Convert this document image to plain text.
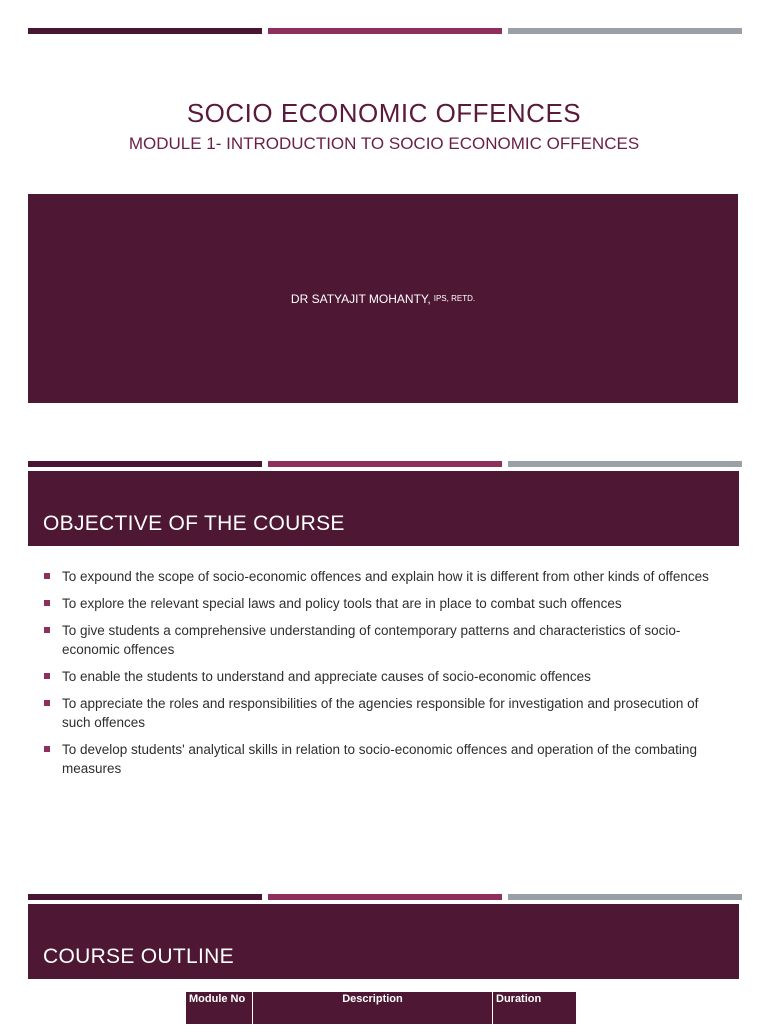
SOCIO ECONOMIC OFFENCES
MODULE 1- INTRODUCTION TO SOCIO ECONOMIC OFFENCES
DR SATYAJIT MOHANTY, IPS, RETD.
OBJECTIVE OF THE COURSE
To expound the scope of socio-economic offences and explain how it is different from other kinds of offences
To explore the relevant special laws and policy tools that are in place to combat such offences
To give students a comprehensive understanding of contemporary patterns and characteristics of socio-economic offences
To enable the students to understand and appreciate causes of socio-economic offences
To appreciate the roles and responsibilities of the agencies responsible for investigation and prosecution of such offences
To develop students' analytical skills in relation to socio-economic offences and operation of the combating measures
COURSE OUTLINE
Module No	Description	Duration
